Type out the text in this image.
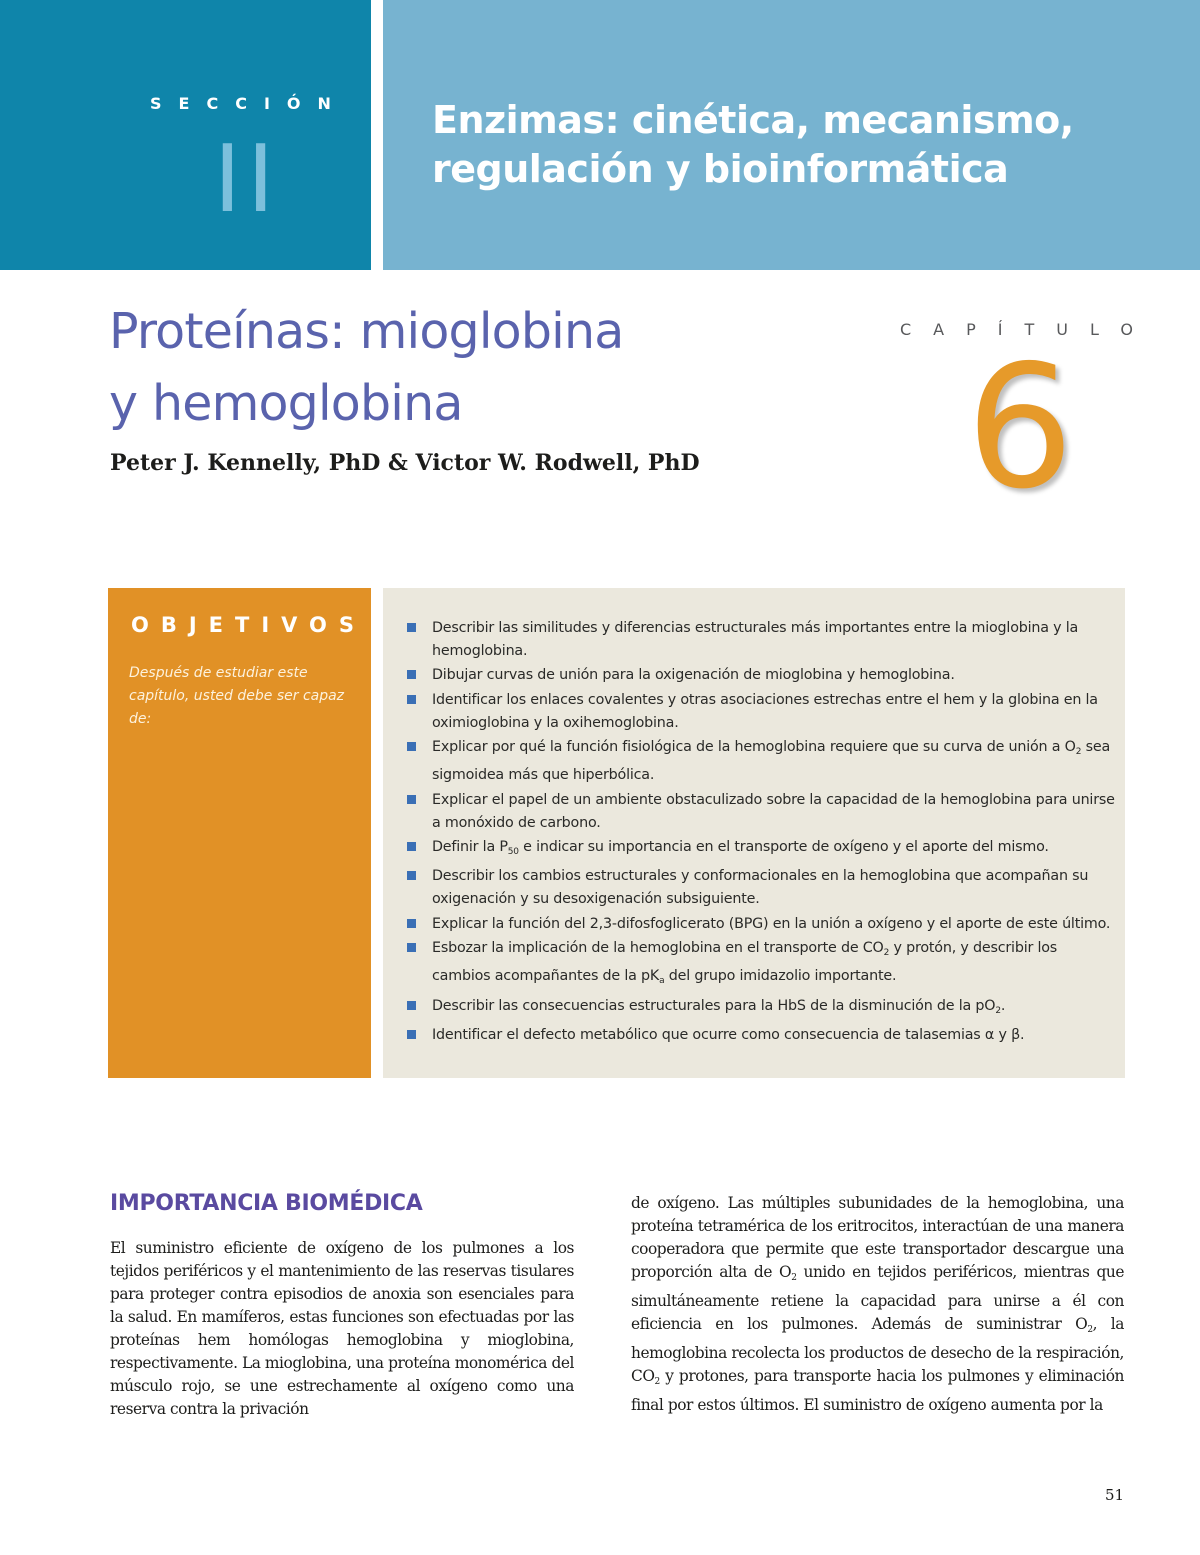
SECCIÓN
II
Enzimas: cinética, mecanismo,
regulación y bioinformática
Proteínas: mioglobina
y hemoglobina
Peter J. Kennelly, PhD & Victor W. Rodwell, PhD
CAPÍTULO
6
OBJETIVOS
Después de estudiar este capítulo, usted debe ser capaz de:
Describir las similitudes y diferencias estructurales más importantes entre la mioglobina y la hemoglobina.
Dibujar curvas de unión para la oxigenación de mioglobina y hemoglobina.
Identificar los enlaces covalentes y otras asociaciones estrechas entre el hem y la globina en la oximioglobina y la oxihemoglobina.
Explicar por qué la función fisiológica de la hemoglobina requiere que su curva de unión a $O_2$ sea sigmoidea más que hiperbólica.
Explicar el papel de un ambiente obstaculizado sobre la capacidad de la hemoglobina para unirse a monóxido de carbono.
Definir la $P_{50}$ e indicar su importancia en el transporte de oxígeno y el aporte del mismo.
Describir los cambios estructurales y conformacionales en la hemoglobina que acompañan su oxigenación y su desoxigenación subsiguiente.
Explicar la función del 2,3-difosfoglicerato (BPG) en la unión a oxígeno y el aporte de este último.
Esbozar la implicación de la hemoglobina en el transporte de $CO_2$ y protón, y describir los cambios acompañantes de la $pK_a$ del grupo imidazolio importante.
Describir las consecuencias estructurales para la HbS de la disminución de la $pO_2$.
Identificar el defecto metabólico que ocurre como consecuencia de talasemias α y β.
IMPORTANCIA BIOMÉDICA
El suministro eficiente de oxígeno de los pulmones a los tejidos periféricos y el mantenimiento de las reservas tisulares para proteger contra episodios de anoxia son esenciales para la salud. En mamíferos, estas funciones son efectuadas por las proteínas hem homólogas hemoglobina y mioglobina, respectivamente. La mioglobina, una proteína monomérica del músculo rojo, se une estrechamente al oxígeno como una reserva contra la privación
de oxígeno. Las múltiples subunidades de la hemoglobina, una proteína tetramérica de los eritrocitos, interactúan de una manera cooperadora que permite que este transportador descargue una proporción alta de $O_2$ unido en tejidos periféricos, mientras que simultáneamente retiene la capacidad para unirse a él con eficiencia en los pulmones. Además de suministrar $O_2$, la hemoglobina recolecta los productos de desecho de la respiración, $CO_2$ y protones, para transporte hacia los pulmones y eliminación final por estos últimos. El suministro de oxígeno aumenta por la
51
